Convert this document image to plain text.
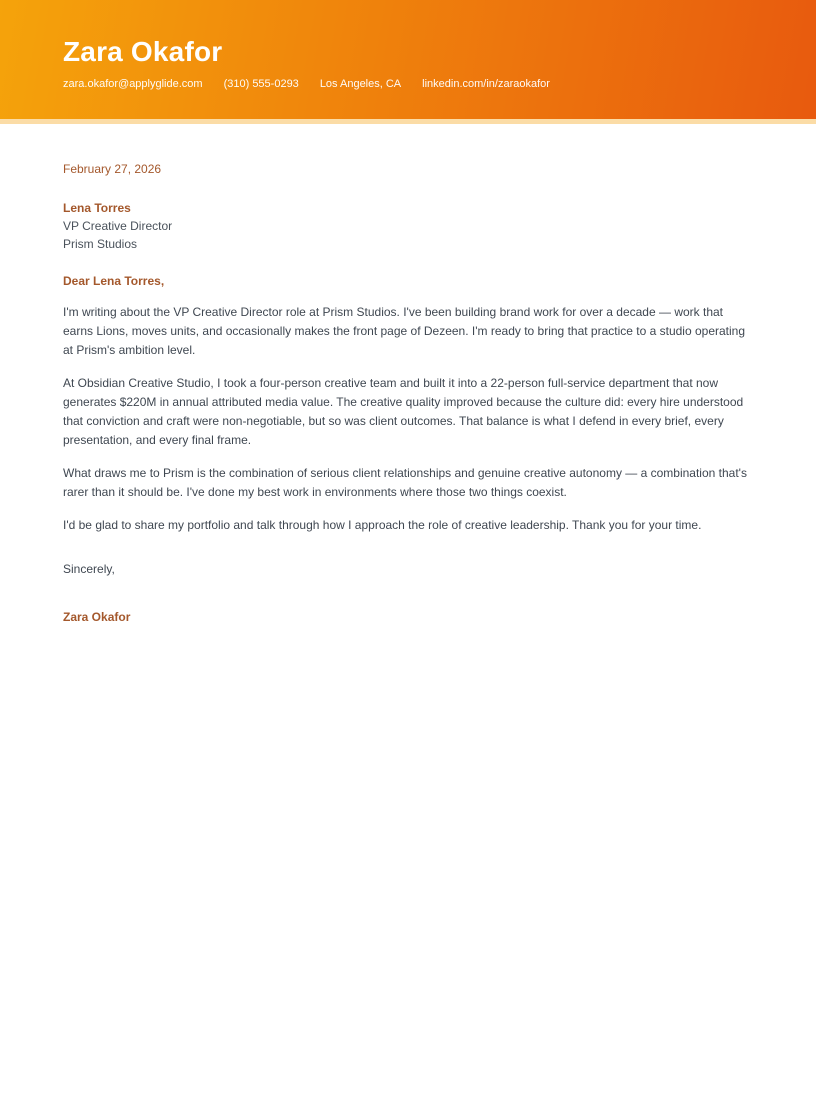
Zara Okafor
zara.okafor@applyglide.com (310) 555-0293 Los Angeles, CA linkedin.com/in/zaraokafor

February 27, 2026

Lena Torres

VP Creative Director

Prism Studios

Dear Lena Torres,

I'm writing about the VP Creative Director role at Prism Studios. I've been building brand work for over a decade — work that earns Lions, moves units, and occasionally makes the front page of Dezeen. I'm ready to bring that practice to a studio operating at Prism's ambition level.

At Obsidian Creative Studio, I took a four-person creative team and built it into a 22-person full-service department that now generates $220M in annual attributed media value. The creative quality improved because the culture did: every hire understood that conviction and craft were non-negotiable, but so was client outcomes. That balance is what I defend in every brief, every presentation, and every final frame.

What draws me to Prism is the combination of serious client relationships and genuine creative autonomy — a combination that's rarer than it should be. I've done my best work in environments where those two things coexist.

I'd be glad to share my portfolio and talk through how I approach the role of creative leadership. Thank you for your time.

Sincerely,

Zara Okafor
